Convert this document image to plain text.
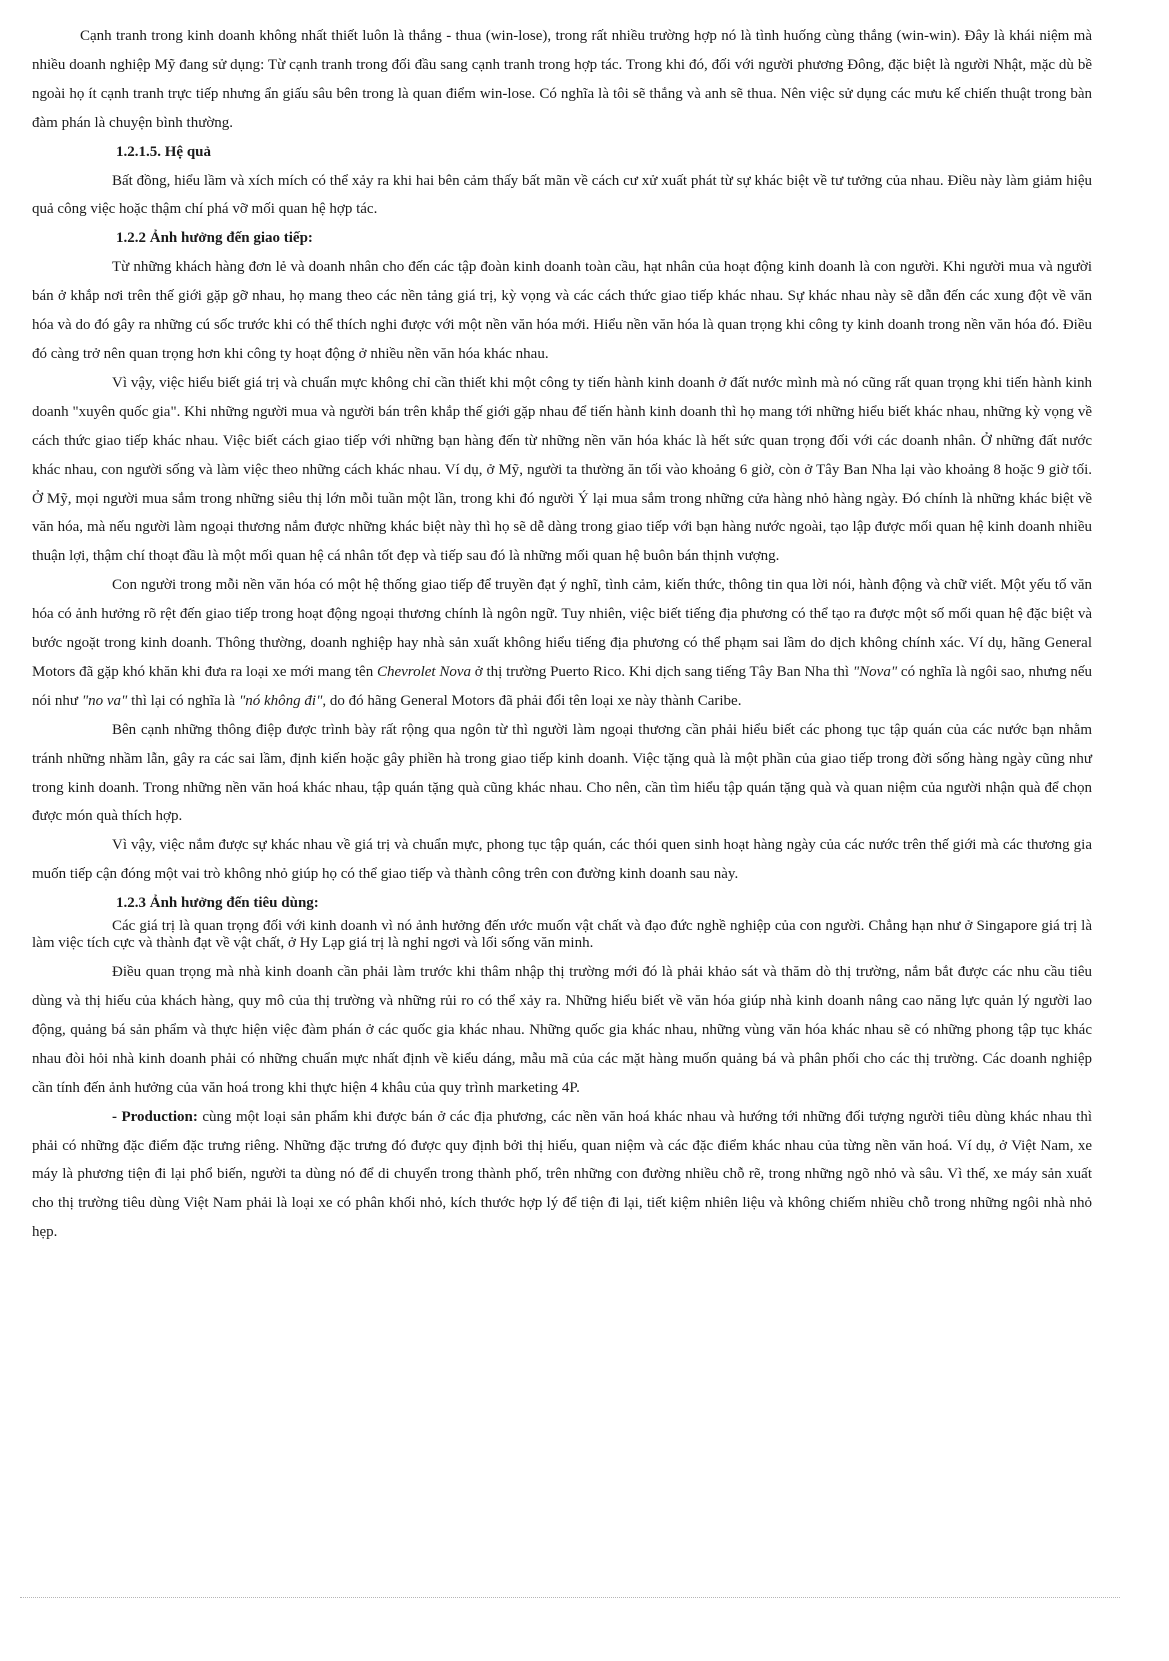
Cạnh tranh trong kinh doanh không nhất thiết luôn là thắng - thua (win-lose), trong rất nhiều trường hợp nó là tình huống cùng thắng (win-win). Đây là khái niệm mà nhiều doanh nghiệp Mỹ đang sử dụng: Từ cạnh tranh trong đối đầu sang cạnh tranh trong hợp tác. Trong khi đó, đối với người phương Đông, đặc biệt là người Nhật, mặc dù bề ngoài họ ít cạnh tranh trực tiếp nhưng ẩn giấu sâu bên trong là quan điểm win-lose. Có nghĩa là tôi sẽ thắng và anh sẽ thua. Nên việc sử dụng các mưu kế chiến thuật trong bàn đàm phán là chuyện bình thường.

1.2.1.5. Hệ quả

Bất đồng, hiểu lầm và xích mích có thể xảy ra khi hai bên cảm thấy bất mãn về cách cư xử xuất phát từ sự khác biệt về tư tưởng của nhau. Điều này làm giảm hiệu quả công việc hoặc thậm chí phá vỡ mối quan hệ hợp tác.

1.2.2 Ảnh hưởng đến giao tiếp:

Từ những khách hàng đơn lẻ và doanh nhân cho đến các tập đoàn kinh doanh toàn cầu, hạt nhân của hoạt động kinh doanh là con người. Khi người mua và người bán ở khắp nơi trên thế giới gặp gỡ nhau, họ mang theo các nền tảng giá trị, kỳ vọng và các cách thức giao tiếp khác nhau. Sự khác nhau này sẽ dẫn đến các xung đột về văn hóa và do đó gây ra những cú sốc trước khi có thể thích nghi được với một nền văn hóa mới. Hiểu nền văn hóa là quan trọng khi công ty kinh doanh trong nền văn hóa đó. Điều đó càng trở nên quan trọng hơn khi công ty hoạt động ở nhiều nền văn hóa khác nhau.

Vì vậy, việc hiểu biết giá trị và chuẩn mực không chỉ cần thiết khi một công ty tiến hành kinh doanh ở đất nước mình mà nó cũng rất quan trọng khi tiến hành kinh doanh "xuyên quốc gia". Khi những người mua và người bán trên khắp thế giới gặp nhau để tiến hành kinh doanh thì họ mang tới những hiểu biết khác nhau, những kỳ vọng về cách thức giao tiếp khác nhau. Việc biết cách giao tiếp với những bạn hàng đến từ những nền văn hóa khác là hết sức quan trọng đối với các doanh nhân. Ở những đất nước khác nhau, con người sống và làm việc theo những cách khác nhau. Ví dụ, ở Mỹ, người ta thường ăn tối vào khoảng 6 giờ, còn ở Tây Ban Nha lại vào khoảng 8 hoặc 9 giờ tối. Ở Mỹ, mọi người mua sắm trong những siêu thị lớn mỗi tuần một lần, trong khi đó người Ý lại mua sắm trong những cửa hàng nhỏ hàng ngày. Đó chính là những khác biệt về văn hóa, mà nếu người làm ngoại thương nắm được những khác biệt này thì họ sẽ dễ dàng trong giao tiếp với bạn hàng nước ngoài, tạo lập được mối quan hệ kinh doanh nhiều thuận lợi, thậm chí thoạt đầu là một mối quan hệ cá nhân tốt đẹp và tiếp sau đó là những mối quan hệ buôn bán thịnh vượng.

Con người trong mỗi nền văn hóa có một hệ thống giao tiếp để truyền đạt ý nghĩ, tình cảm, kiến thức, thông tin qua lời nói, hành động và chữ viết. Một yếu tố văn hóa có ảnh hưởng rõ rệt đến giao tiếp trong hoạt động ngoại thương chính là ngôn ngữ. Tuy nhiên, việc biết tiếng địa phương có thể tạo ra được một số mối quan hệ đặc biệt và bước ngoặt trong kinh doanh. Thông thường, doanh nghiệp hay nhà sản xuất không hiểu tiếng địa phương có thể phạm sai lầm do dịch không chính xác. Ví dụ, hãng General Motors đã gặp khó khăn khi đưa ra loại xe mới mang tên Chevrolet Nova ở thị trường Puerto Rico. Khi dịch sang tiếng Tây Ban Nha thì "Nova" có nghĩa là ngôi sao, nhưng nếu nói như "no va" thì lại có nghĩa là "nó không đi", do đó hãng General Motors đã phải đổi tên loại xe này thành Caribe.

Bên cạnh những thông điệp được trình bày rất rộng qua ngôn từ thì người làm ngoại thương cần phải hiểu biết các phong tục tập quán của các nước bạn nhằm tránh những nhầm lẫn, gây ra các sai lầm, định kiến hoặc gây phiền hà trong giao tiếp kinh doanh. Việc tặng quà là một phần của giao tiếp trong đời sống hàng ngày cũng như trong kinh doanh. Trong những nền văn hoá khác nhau, tập quán tặng quà cũng khác nhau. Cho nên, cần tìm hiểu tập quán tặng quà và quan niệm của người nhận quà để chọn được món quà thích hợp.

Vì vậy, việc nắm được sự khác nhau về giá trị và chuẩn mực, phong tục tập quán, các thói quen sinh hoạt hàng ngày của các nước trên thế giới mà các thương gia muốn tiếp cận đóng một vai trò không nhỏ giúp họ có thể giao tiếp và thành công trên con đường kinh doanh sau này.

1.2.3 Ảnh hưởng đến tiêu dùng:

Các giá trị là quan trọng đối với kinh doanh vì nó ảnh hưởng đến ước muốn vật chất và đạo đức nghề nghiệp của con người. Chẳng hạn như ở Singapore giá trị là làm việc tích cực và thành đạt về vật chất, ở Hy Lạp giá trị là nghỉ ngơi và lối sống văn minh.

Điều quan trọng mà nhà kinh doanh cần phải làm trước khi thâm nhập thị trường mới đó là phải khảo sát và thăm dò thị trường, nắm bắt được các nhu cầu tiêu dùng và thị hiếu của khách hàng, quy mô của thị trường và những rủi ro có thể xảy ra. Những hiểu biết về văn hóa giúp nhà kinh doanh nâng cao năng lực quản lý người lao động, quảng bá sản phẩm và thực hiện việc đàm phán ở các quốc gia khác nhau. Những quốc gia khác nhau, những vùng văn hóa khác nhau sẽ có những phong tập tục khác nhau đòi hỏi nhà kinh doanh phải có những chuẩn mực nhất định về kiểu dáng, mẫu mã của các mặt hàng muốn quảng bá và phân phối cho các thị trường. Các doanh nghiệp cần tính đến ảnh hưởng của văn hoá trong khi thực hiện 4 khâu của quy trình marketing 4P.

- Production: cùng một loại sản phẩm khi được bán ở các địa phương, các nền văn hoá khác nhau và hướng tới những đối tượng người tiêu dùng khác nhau thì phải có những đặc điểm đặc trưng riêng. Những đặc trưng đó được quy định bởi thị hiếu, quan niệm và các đặc điểm khác nhau của từng nền văn hoá. Ví dụ, ở Việt Nam, xe máy là phương tiện đi lại phổ biến, người ta dùng nó để di chuyển trong thành phố, trên những con đường nhiều chỗ rẽ, trong những ngõ nhỏ và sâu. Vì thế, xe máy sản xuất cho thị trường tiêu dùng Việt Nam phải là loại xe có phân khối nhỏ, kích thước hợp lý để tiện đi lại, tiết kiệm nhiên liệu và không chiếm nhiều chỗ trong những ngôi nhà nhỏ hẹp.
